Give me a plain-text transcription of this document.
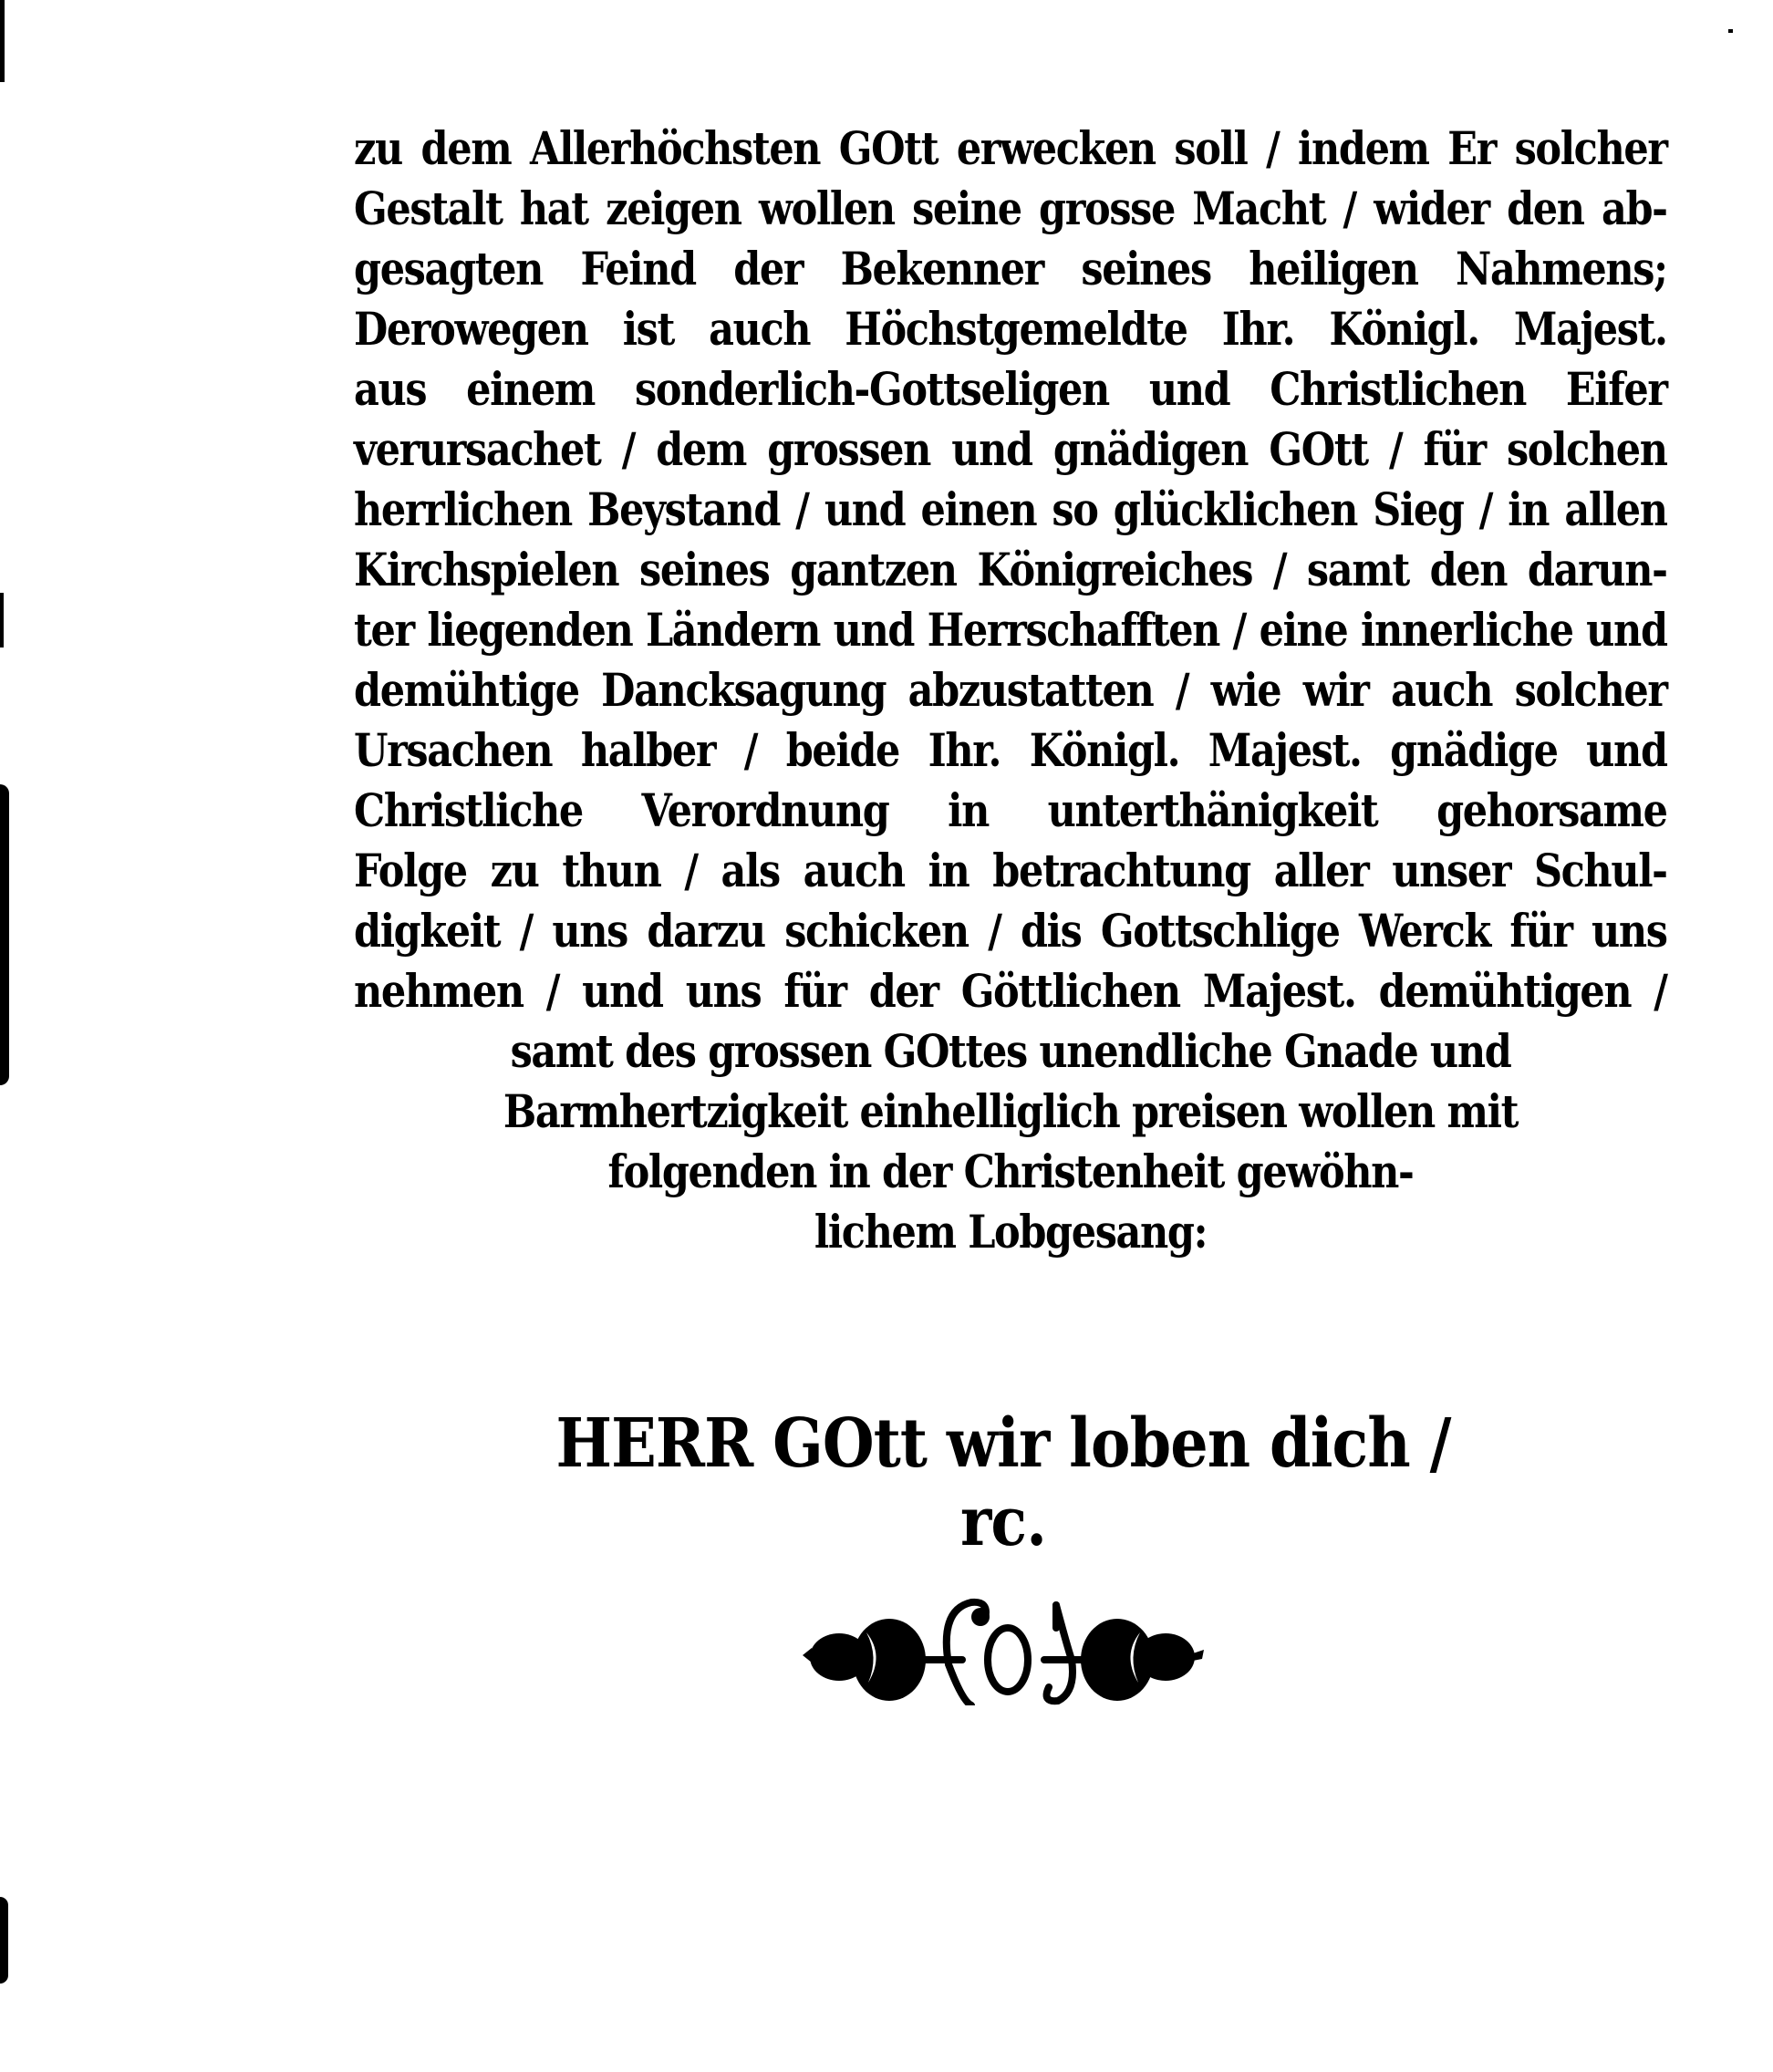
zu dem Allerhöchsten GOtt erwecken soll / indem Er solcher
Gestalt hat zeigen wollen seine grosse Macht / wider den ab-
gesagten Feind der Bekenner seines heiligen Nahmens;
Derowegen ist auch Höchstgemeldte Ihr. Königl. Majest.
aus einem sonderlich-Gottseligen und Christlichen Eifer
verursachet / dem grossen und gnädigen GOtt / für solchen
herrlichen Beystand / und einen so glücklichen Sieg / in allen
Kirchspielen seines gantzen Königreiches / samt den darun-
ter liegenden Ländern und Herrschafften / eine innerliche und
demühtige Dancksagung abzustatten / wie wir auch solcher
Ursachen halber / beide Ihr. Königl. Majest. gnädige und
Christliche Verordnung in unterthänigkeit gehorsame
Folge zu thun / als auch in betrachtung aller unser Schul-
digkeit / uns darzu schicken / dis Gottschlige Werck für uns
nehmen / und uns für der Göttlichen Majest. demühtigen /
samt des grossen GOttes unendliche Gnade und
Barmhertzigkeit einhelliglich preisen wollen mit
folgenden in der Christenheit gewöhn-
lichem Lobgesang:
HERR GOtt wir loben dich / rc.
